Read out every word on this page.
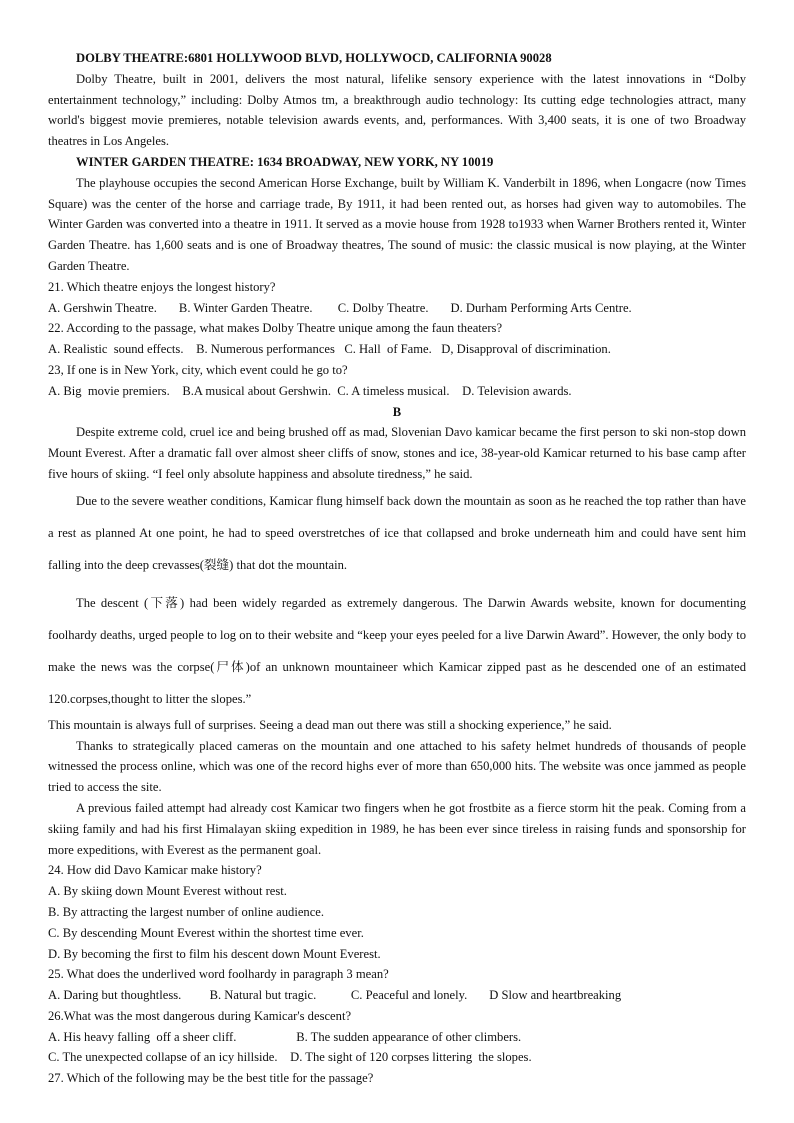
DOLBY THEATRE:6801 HOLLYWOOD BLVD, HOLLYWOCD, CALIFORNIA 90028

Dolby Theatre, built in 2001, delivers the most natural, lifelike sensory experience with the latest innovations in “Dolby entertainment technology,” including: Dolby Atmos tm, a breakthrough audio technology: Its cutting edge technologies attract, many world's biggest movie premieres, notable television awards events, and, performances. With 3,400 seats, it is one of two Broadway theatres in Los Angeles.

WINTER GARDEN THEATRE: 1634 BROADWAY, NEW YORK, NY 10019

The playhouse occupies the second American Horse Exchange, built by William K. Vanderbilt in 1896, when Longacre (now Times Square) was the center of the horse and carriage trade, By 1911, it had been rented out, as horses had given way to automobiles. The Winter Garden was converted into a theatre in 1911. It served as a movie house from 1928 to1933 when Warner Brothers rented it, Winter Garden Theatre. has 1,600 seats and is one of Broadway theatres, The sound of music: the classic musical is now playing, at the Winter Garden Theatre.

21. Which theatre enjoys the longest history?

A. Gershwin Theatre.       B. Winter Garden Theatre.        C. Dolby Theatre.       D. Durham Performing Arts Centre.

22. According to the passage, what makes Dolby Theatre unique among the faun theaters?

A. Realistic  sound effects.    B. Numerous performances   C. Hall  of Fame.   D, Disapproval of discrimination.

23, If one is in New York, city, which event could he go to?

A. Big  movie premiers.    B.A musical about Gershwin.  C. A timeless musical.    D. Television awards.

B

Despite extreme cold, cruel ice and being brushed off as mad, Slovenian Davo kamicar became the first person to ski non-stop down Mount Everest. After a dramatic fall over almost sheer cliffs of snow, stones and ice, 38-year-old Kamicar returned to his base camp after five hours of skiing. “I feel only absolute happiness and absolute tiredness,” he said.

Due to the severe weather conditions, Kamicar flung himself back down the mountain as soon as he reached the top rather than have a rest as planned At one point, he had to speed overstretches of ice that collapsed and broke underneath him and could have sent him falling into the deep crevasses(裂缝) that dot the mountain.

The descent (下落) had been widely regarded as extremely dangerous. The Darwin Awards website, known for documenting foolhardy deaths, urged people to log on to their website and “keep your eyes peeled for a live Darwin Award”. However, the only body to make the news was the corpse(尸体)of an unknown mountaineer which Kamicar zipped past as he descended one of an estimated 120.corpses,thought to litter the slopes.”

This mountain is always full of surprises. Seeing a dead man out there was still a shocking experience,” he said.

Thanks to strategically placed cameras on the mountain and one attached to his safety helmet hundreds of thousands of people witnessed the process online, which was one of the record highs ever of more than 650,000 hits. The website was once jammed as people tried to access the site.

A previous failed attempt had already cost Kamicar two fingers when he got frostbite as a fierce storm hit the peak. Coming from a skiing family and had his first Himalayan skiing expedition in 1989, he has been ever since tireless in raising funds and sponsorship for more expeditions, with Everest as the permanent goal.

24. How did Davo Kamicar make history?

A. By skiing down Mount Everest without rest.

B. By attracting the largest number of online audience.

C. By descending Mount Everest within the shortest time ever.

D. By becoming the first to film his descent down Mount Everest.

25. What does the underlived word foolhardy in paragraph 3 mean?

A. Daring but thoughtless.         B. Natural but tragic.           C. Peaceful and lonely.       D Slow and heartbreaking

26.What was the most dangerous during Kamicar's descent?

A. His heavy falling  off a sheer cliff.                   B. The sudden appearance of other climbers.

C. The unexpected collapse of an icy hillside.    D. The sight of 120 corpses littering  the slopes.

27. Which of the following may be the best title for the passage?
